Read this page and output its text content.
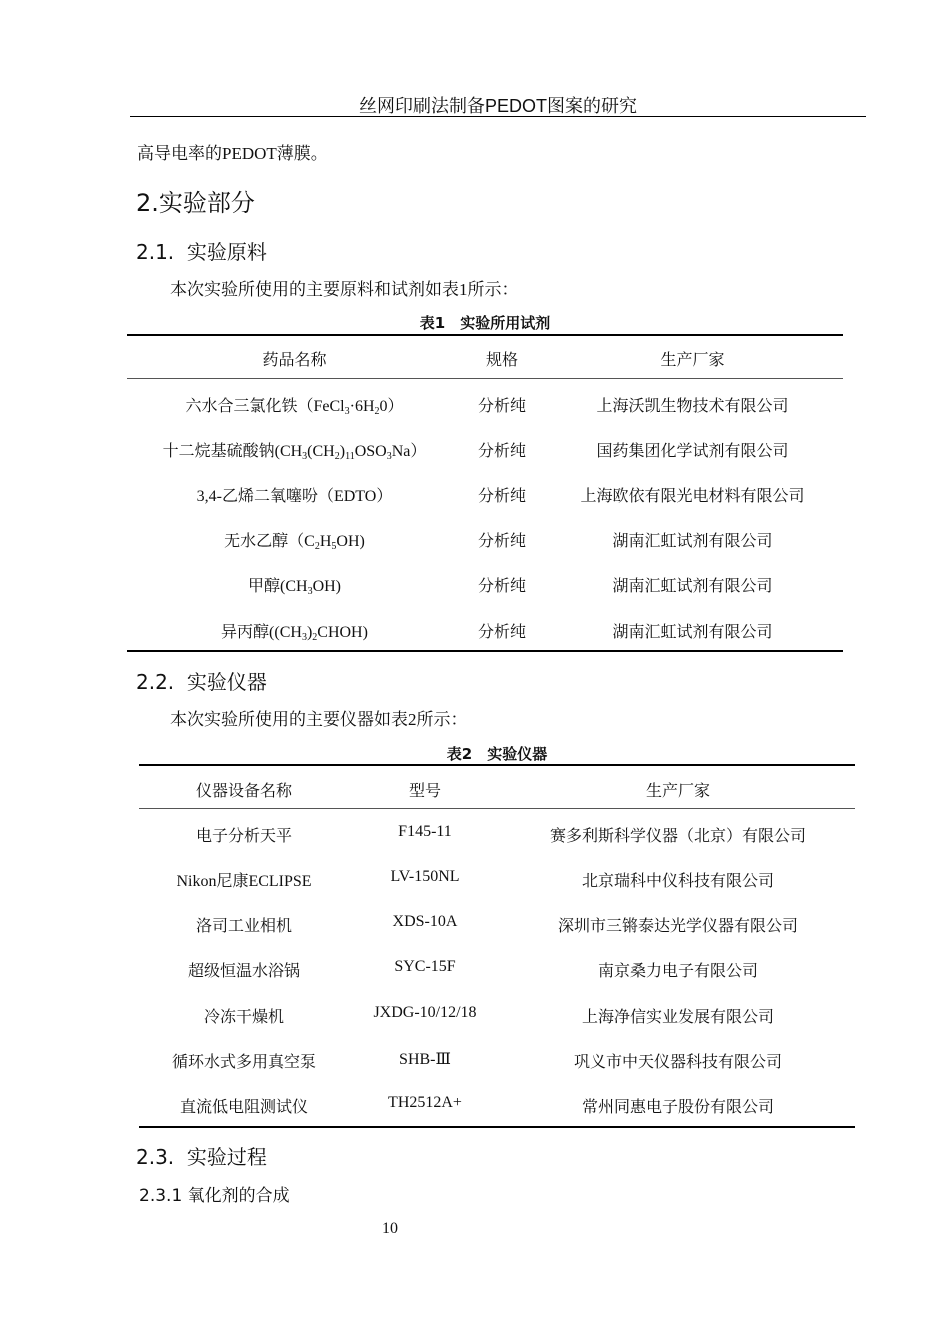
丝网印刷法制备PEDOT图案的研究
高导电率的PEDOT薄膜。
2.实验部分
2.1. 实验原料
本次实验所使用的主要原料和试剂如表1所示：
表1　实验所用试剂
药品名称	规格	生产厂家
六水合三氯化铁$(FeCl_3\cdot 6H_20)$	分析纯	上海沃凯生物技术有限公司
十二烷基硫酸钠$(CH_3(CH_2)_{11}OSO_3Na)$	分析纯	国药集团化学试剂有限公司
3,4-乙烯二氧噻吩（EDTO）	分析纯	上海欧依有限光电材料有限公司
无水乙醇$(C_2H_5OH)$	分析纯	湖南汇虹试剂有限公司
甲醇$(CH_3OH)$	分析纯	湖南汇虹试剂有限公司
异丙醇$((CH_3)_2CHOH)$	分析纯	湖南汇虹试剂有限公司
2.2. 实验仪器
本次实验所使用的主要仪器如表2所示：
表2　实验仪器
仪器设备名称	型号	生产厂家
电子分析天平	F145-11	赛多利斯科学仪器（北京）有限公司
Nikon尼康ECLIPSE	LV-150NL	北京瑞科中仪科技有限公司
洛司工业相机	XDS-10A	深圳市三锵泰达光学仪器有限公司
超级恒温水浴锅	SYC-15F	南京桑力电子有限公司
冷冻干燥机	JXDG-10/12/18	上海净信实业发展有限公司
循环水式多用真空泵	SHB-Ⅲ	巩义市中天仪器科技有限公司
直流低电阻测试仪	TH2512A+	常州同惠电子股份有限公司
2.3. 实验过程
2.3.1 氧化剂的合成
10
